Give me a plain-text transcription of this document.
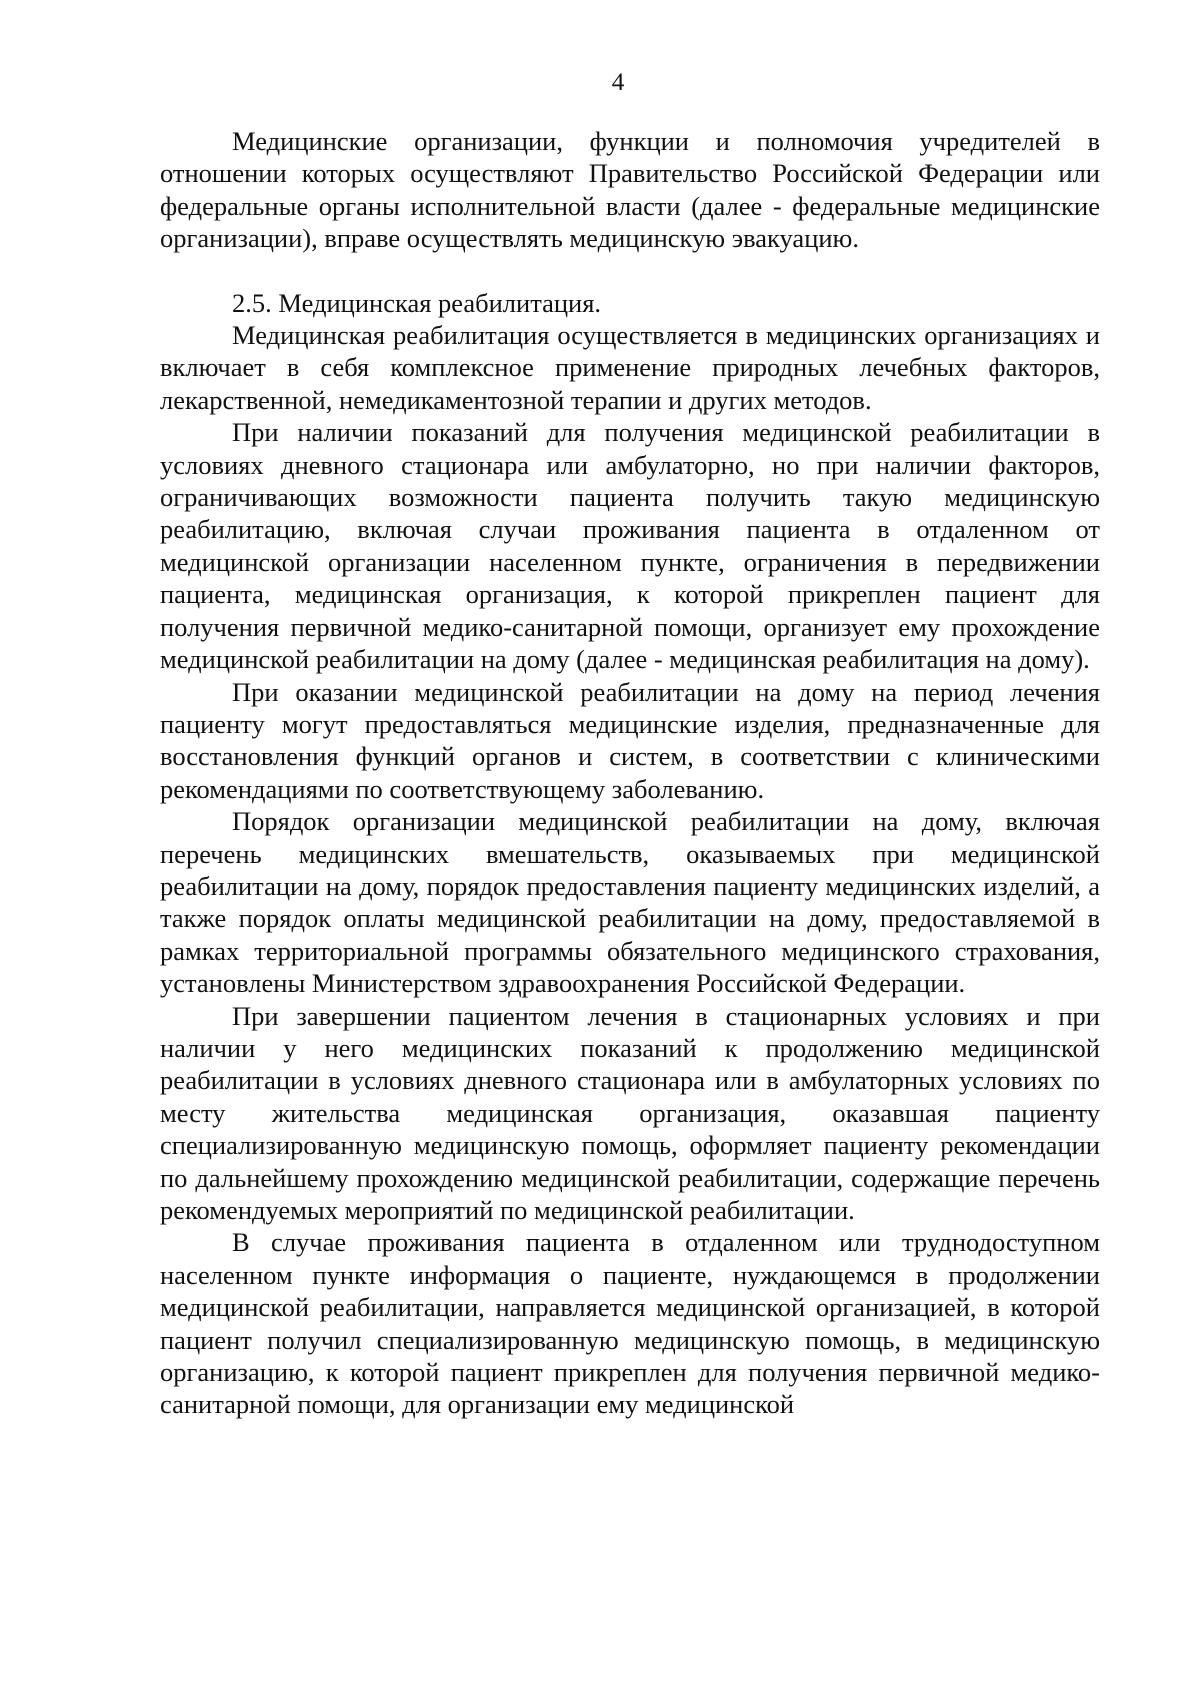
4

Медицинские организации, функции и полномочия учредителей в отношении которых осуществляют Правительство Российской Федерации или федеральные органы исполнительной власти (далее - федеральные медицинские организации), вправе осуществлять медицинскую эвакуацию.

2.5. Медицинская реабилитация.

Медицинская реабилитация осуществляется в медицинских организациях и включает в себя комплексное применение природных лечебных факторов, лекарственной, немедикаментозной терапии и других методов.

При наличии показаний для получения медицинской реабилитации в условиях дневного стационара или амбулаторно, но при наличии факторов, ограничивающих возможности пациента получить такую медицинскую реабилитацию, включая случаи проживания пациента в отдаленном от медицинской организации населенном пункте, ограничения в передвижении пациента, медицинская организация, к которой прикреплен пациент для получения первичной медико-санитарной помощи, организует ему прохождение медицинской реабилитации на дому (далее - медицинская реабилитация на дому).

При оказании медицинской реабилитации на дому на период лечения пациенту могут предоставляться медицинские изделия, предназначенные для восстановления функций органов и систем, в соответствии с клиническими рекомендациями по соответствующему заболеванию.

Порядок организации медицинской реабилитации на дому, включая перечень медицинских вмешательств, оказываемых при медицинской реабилитации на дому, порядок предоставления пациенту медицинских изделий, а также порядок оплаты медицинской реабилитации на дому, предоставляемой в рамках территориальной программы обязательного медицинского страхования, установлены Министерством здравоохранения Российской Федерации.

При завершении пациентом лечения в стационарных условиях и при наличии у него медицинских показаний к продолжению медицинской реабилитации в условиях дневного стационара или в амбулаторных условиях по месту жительства медицинская организация, оказавшая пациенту специализированную медицинскую помощь, оформляет пациенту рекомендации по дальнейшему прохождению медицинской реабилитации, содержащие перечень рекомендуемых мероприятий по медицинской реабилитации.

В случае проживания пациента в отдаленном или труднодоступном населенном пункте информация о пациенте, нуждающемся в продолжении медицинской реабилитации, направляется медицинской организацией, в которой пациент получил специализированную медицинскую помощь, в медицинскую организацию, к которой пациент прикреплен для получения первичной медико-санитарной помощи, для организации ему медицинской
